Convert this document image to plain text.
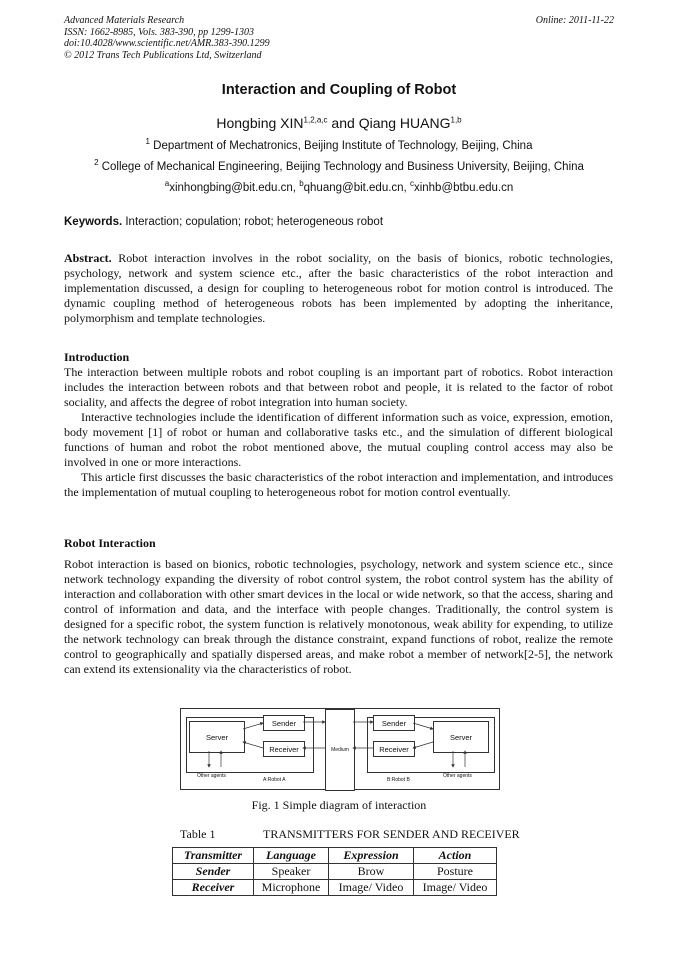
Advanced Materials Research
ISSN: 1662-8985, Vols. 383-390, pp 1299-1303
doi:10.4028/www.scientific.net/AMR.383-390.1299
© 2012 Trans Tech Publications Ltd, Switzerland
Online: 2011-11-22
Interaction and Coupling of Robot
Hongbing XIN$^{1,2,a,c}$ and Qiang HUANG$^{1,b}$
$^1$ Department of Mechatronics, Beijing Institute of Technology, Beijing, China
$^2$ College of Mechanical Engineering, Beijing Technology and Business University, Beijing, China
$^a$xinhongbing@bit.edu.cn, $^b$qhuang@bit.edu.cn, $^c$xinhb@btbu.edu.cn
Keywords. Interaction; copulation; robot; heterogeneous robot

Abstract. Robot interaction involves in the robot sociality, on the basis of bionics, robotic technologies, psychology, network and system science etc., after the basic characteristics of the robot interaction and implementation discussed, a design for coupling to heterogeneous robot for motion control is introduced. The dynamic coupling method of heterogeneous robots has been implemented by adopting the inheritance, polymorphism and template technologies.

Introduction

The interaction between multiple robots and robot coupling is an important part of robotics. Robot interaction includes the interaction between robots and that between robot and people, it is related to the factor of robot sociality, and affects the degree of robot integration into human society.

Interactive technologies include the identification of different information such as voice, expression, emotion, body movement [1] of robot or human and collaborative tasks etc., and the simulation of different biological functions of human and robot the robot mentioned above, the mutual coupling control access may also be involved in one or more interactions.

This article first discusses the basic characteristics of the robot interaction and implementation, and introduces the implementation of mutual coupling to heterogeneous robot for motion control eventually.

Robot Interaction

Robot interaction is based on bionics, robotic technologies, psychology, network and system science etc., since network technology expanding the diversity of robot control system, the robot control system has the ability of interaction and collaboration with other smart devices in the local or wide network, so that the access, sharing and control of information and data, and the interface with people changes. Traditionally, the control system is designed for a specific robot, the system function is relatively monotonous, weak ability for expending, to utilize the network technology can break through the distance constraint, expand functions of robot, realize the remote control to geographically and spatially dispersed areas, and make robot a member of network[2-5], the network can extend its extensionality via the characteristics of robot.

Server
Sender
Receiver	Medium
Sender
Receiver
Server
Other agents
A:Robot A	B:Robot B
Other agents
Fig. 1 Simple diagram of interaction
Table 1	TRANSMITTERS FOR SENDER AND RECEIVER
Transmitter	Language	Expression	Action
Sender	Speaker	Brow	Posture
Receiver	Microphone	Image/ Video	Image/ Video
